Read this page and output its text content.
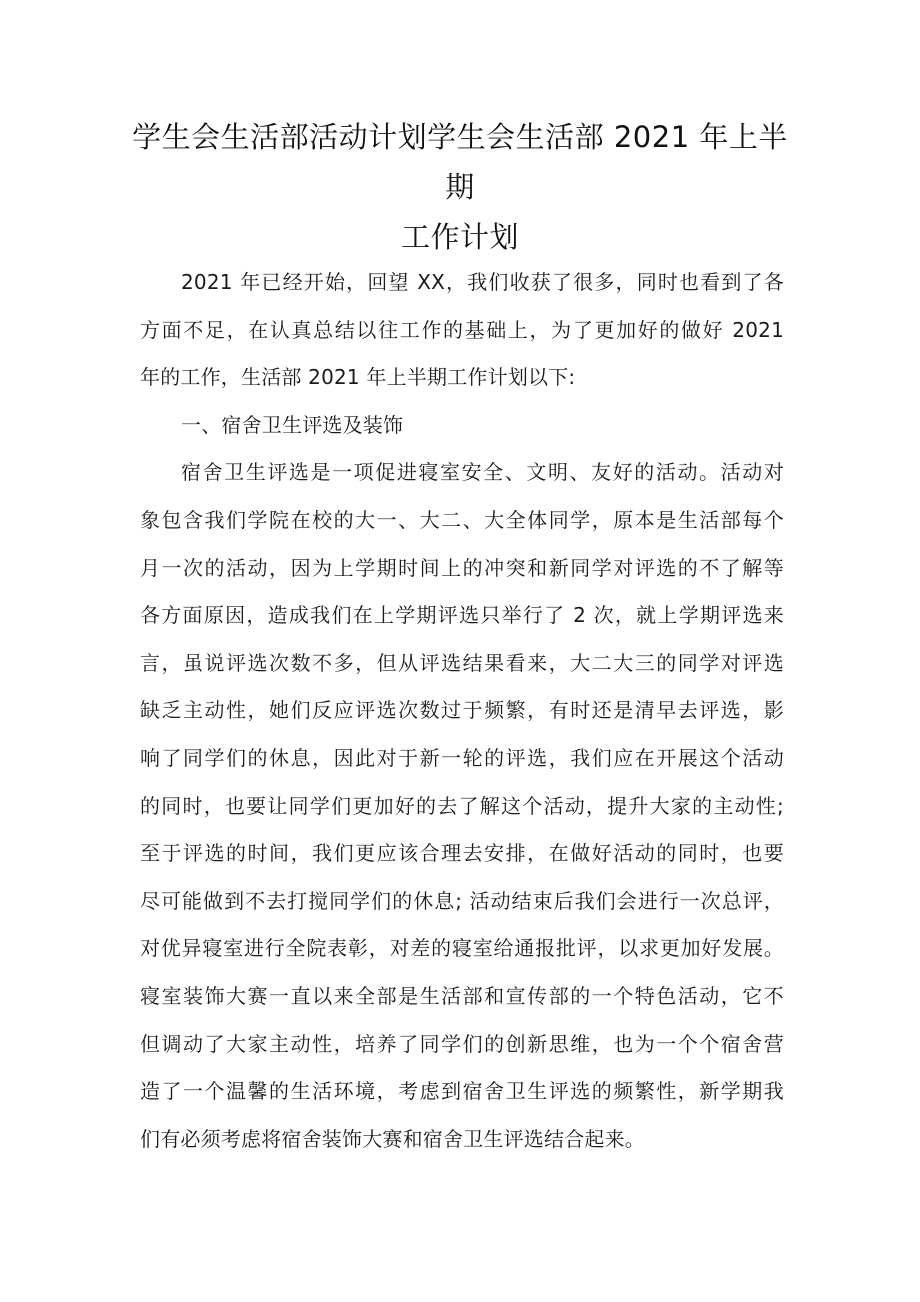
学生会生活部活动计划学生会生活部 2021 年上半期
工作计划
2021 年已经开始，回望 XX，我们收获了很多，同时也看到了各
方面不足，在认真总结以往工作的基础上，为了更加好的做好 2021
年的工作，生活部 2021 年上半期工作计划以下:
一、宿舍卫生评选及装饰
宿舍卫生评选是一项促进寝室安全、文明、友好的活动。活动对
象包含我们学院在校的大一、大二、大全体同学，原本是生活部每个
月一次的活动，因为上学期时间上的冲突和新同学对评选的不了解等
各方面原因，造成我们在上学期评选只举行了 2 次，就上学期评选来
言，虽说评选次数不多，但从评选结果看来，大二大三的同学对评选
缺乏主动性，她们反应评选次数过于频繁，有时还是清早去评选，影
响了同学们的休息，因此对于新一轮的评选，我们应在开展这个活动
的同时，也要让同学们更加好的去了解这个活动，提升大家的主动性;
至于评选的时间，我们更应该合理去安排，在做好活动的同时，也要
尽可能做到不去打搅同学们的休息; 活动结束后我们会进行一次总评，
对优异寝室进行全院表彰，对差的寝室给通报批评，以求更加好发展。
寝室装饰大赛一直以来全部是生活部和宣传部的一个特色活动，它不
但调动了大家主动性，培养了同学们的创新思维，也为一个个宿舍营
造了一个温馨的生活环境，考虑到宿舍卫生评选的频繁性，新学期我
们有必须考虑将宿舍装饰大赛和宿舍卫生评选结合起来。
